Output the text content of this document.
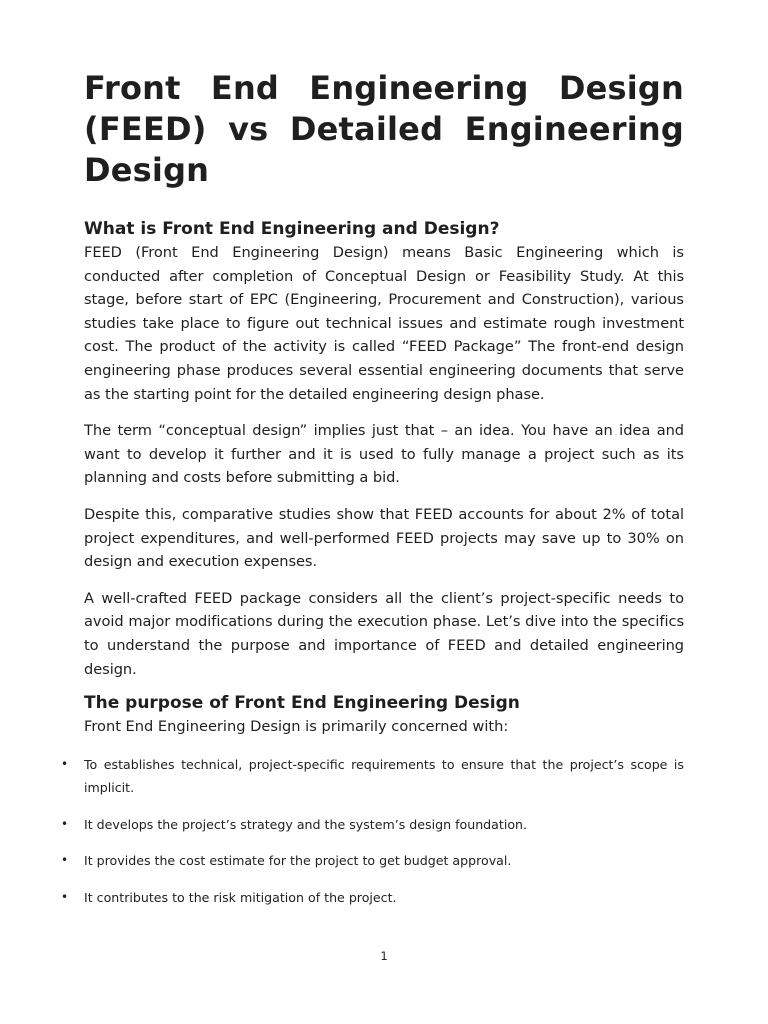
Front End Engineering Design (FEED) vs Detailed Engineering Design
What is Front End Engineering and Design?

FEED (Front End Engineering Design) means Basic Engineering which is conducted after completion of Conceptual Design or Feasibility Study. At this stage, before start of EPC (Engineering, Procurement and Construction), various studies take place to figure out technical issues and estimate rough investment cost. The product of the activity is called “FEED Package” The front-end design engineering phase produces several essential engineering documents that serve as the starting point for the detailed engineering design phase.

The term “conceptual design” implies just that – an idea. You have an idea and want to develop it further and it is used to fully manage a project such as its planning and costs before submitting a bid.

Despite this, comparative studies show that FEED accounts for about 2% of total project expenditures, and well-performed FEED projects may save up to 30% on design and execution expenses.

A well-crafted FEED package considers all the client’s project-specific needs to avoid major modifications during the execution phase. Let’s dive into the specifics to understand the purpose and importance of FEED and detailed engineering design.

The purpose of Front End Engineering Design

Front End Engineering Design is primarily concerned with:

• To establishes technical, project-specific requirements to ensure that the project’s scope is implicit.
• It develops the project’s strategy and the system’s design foundation.
• It provides the cost estimate for the project to get budget approval.
• It contributes to the risk mitigation of the project.
1
